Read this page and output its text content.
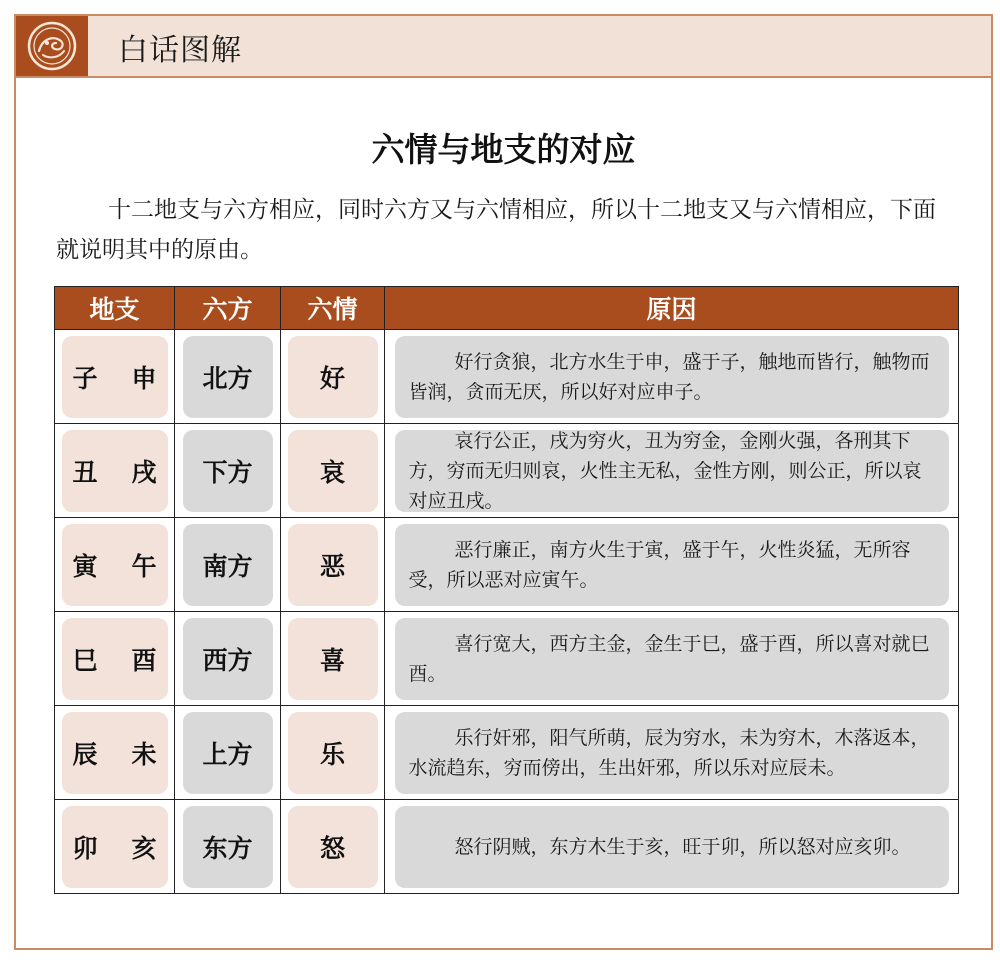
白话图解
六情与地支的对应
十二地支与六方相应，同时六方又与六情相应，所以十二地支又与六情相应，下面就说明其中的原由。
地支	六方	六情	原因

子 申	北方	好	好行贪狼，北方水生于申，盛于子，触地而皆行，触物而皆润，贪而无厌，所以好对应申子。

丑 戌	下方	哀	哀行公正，戌为穷火，丑为穷金，金刚火强，各刑其下方，穷而无归则哀，火性主无私，金性方刚，则公正，所以哀对应丑戌。

寅 午	南方	恶	恶行廉正，南方火生于寅，盛于午，火性炎猛，无所容受，所以恶对应寅午。

巳 酉	西方	喜	喜行宽大，西方主金，金生于巳，盛于酉，所以喜对就巳酉。

辰 未	上方	乐	乐行奸邪，阳气所萌，辰为穷水，未为穷木，木落返本，水流趋东，穷而傍出，生出奸邪，所以乐对应辰未。

卯 亥	东方	怒	怒行阴贼，东方木生于亥，旺于卯，所以怒对应亥卯。
